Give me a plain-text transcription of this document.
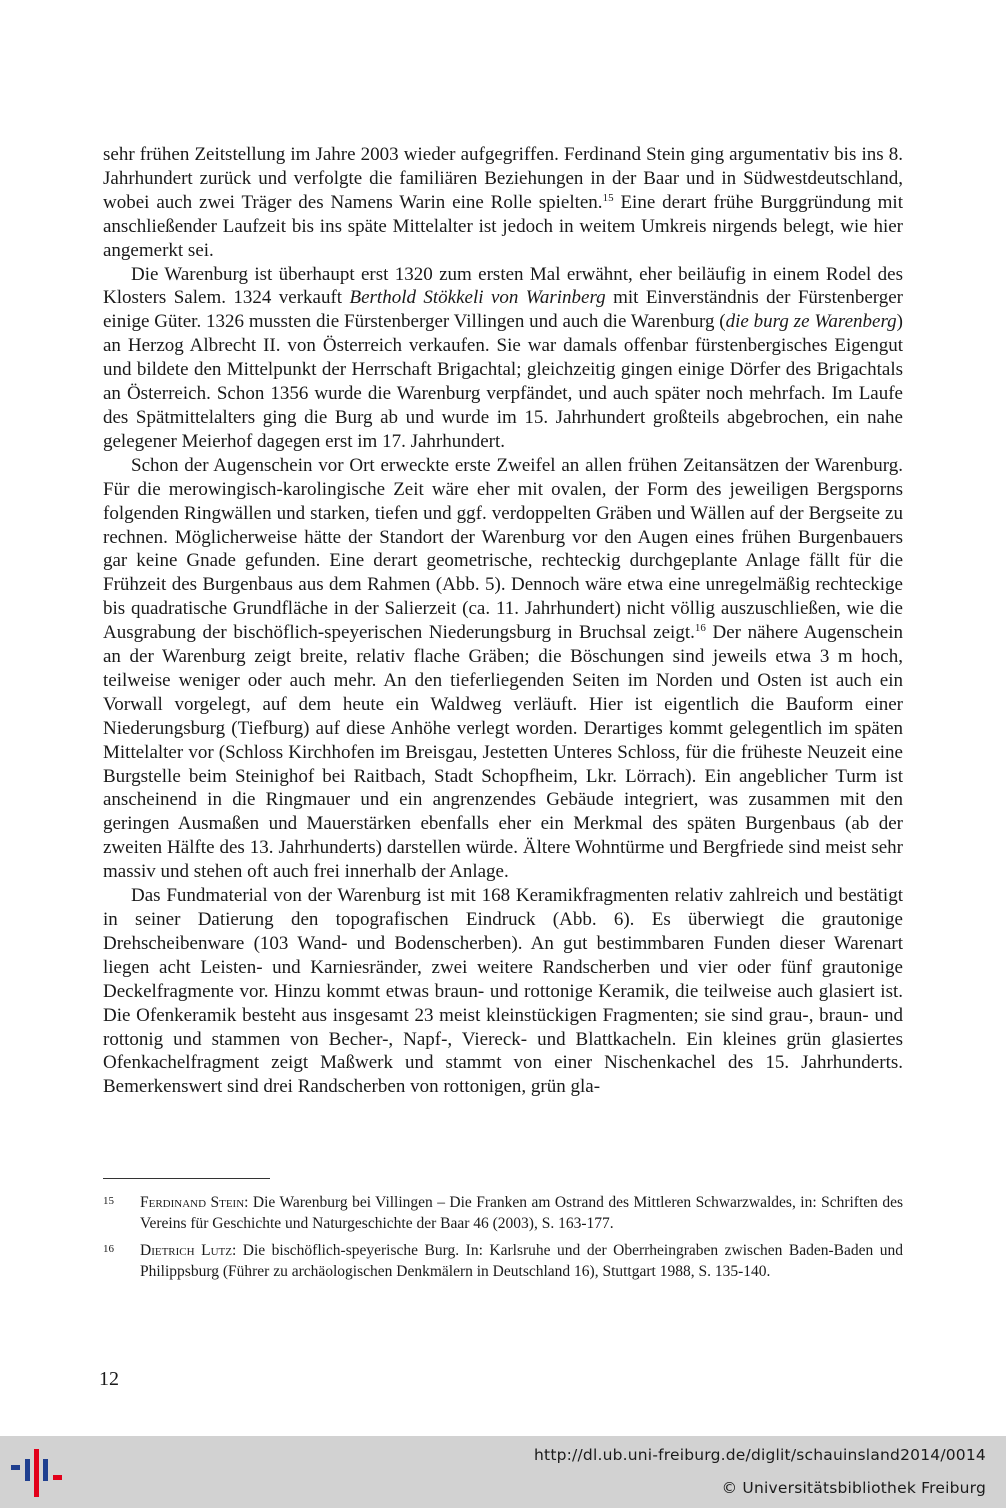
sehr frühen Zeitstellung im Jahre 2003 wieder aufgegriffen. Ferdinand Stein ging argumentativ bis ins 8. Jahrhundert zurück und verfolgte die familiären Beziehungen in der Baar und in Südwestdeutschland, wobei auch zwei Träger des Namens Warin eine Rolle spielten.$^{15}$ Eine derart frühe Burggründung mit anschließender Laufzeit bis ins späte Mittelalter ist jedoch in weitem Umkreis nirgends belegt, wie hier angemerkt sei.

Die Warenburg ist überhaupt erst 1320 zum ersten Mal erwähnt, eher beiläufig in einem Rodel des Klosters Salem. 1324 verkauft Berthold Stökkeli von Warinberg mit Einverständnis der Fürstenberger einige Güter. 1326 mussten die Fürstenberger Villingen und auch die Warenburg (die burg ze Warenberg) an Herzog Albrecht II. von Österreich verkaufen. Sie war damals offenbar fürstenbergisches Eigengut und bildete den Mittelpunkt der Herrschaft Brigachtal; gleichzeitig gingen einige Dörfer des Brigachtals an Österreich. Schon 1356 wurde die Warenburg verpfändet, und auch später noch mehrfach. Im Laufe des Spätmittelalters ging die Burg ab und wurde im 15. Jahrhundert großteils abgebrochen, ein nahe gelegener Meierhof dagegen erst im 17. Jahrhundert.

Schon der Augenschein vor Ort erweckte erste Zweifel an allen frühen Zeitansätzen der Warenburg. Für die merowingisch-karolingische Zeit wäre eher mit ovalen, der Form des jeweiligen Bergsporns folgenden Ringwällen und starken, tiefen und ggf. verdoppelten Gräben und Wällen auf der Bergseite zu rechnen. Möglicherweise hätte der Standort der Warenburg vor den Augen eines frühen Burgenbauers gar keine Gnade gefunden. Eine derart geometrische, rechteckig durchgeplante Anlage fällt für die Frühzeit des Burgenbaus aus dem Rahmen (Abb. 5). Dennoch wäre etwa eine unregelmäßig rechteckige bis quadratische Grundfläche in der Salierzeit (ca. 11. Jahrhundert) nicht völlig auszuschließen, wie die Ausgrabung der bischöflich-speyerischen Niederungsburg in Bruchsal zeigt.$^{16}$ Der nähere Augenschein an der Warenburg zeigt breite, relativ flache Gräben; die Böschungen sind jeweils etwa 3 m hoch, teilweise weniger oder auch mehr. An den tieferliegenden Seiten im Norden und Osten ist auch ein Vorwall vorgelegt, auf dem heute ein Waldweg verläuft. Hier ist eigentlich die Bauform einer Niederungsburg (Tiefburg) auf diese Anhöhe verlegt worden. Derartiges kommt gelegentlich im späten Mittelalter vor (Schloss Kirchhofen im Breisgau, Jestetten Unteres Schloss, für die früheste Neuzeit eine Burgstelle beim Steinighof bei Raitbach, Stadt Schopfheim, Lkr. Lörrach). Ein angeblicher Turm ist anscheinend in die Ringmauer und ein angrenzendes Gebäude integriert, was zusammen mit den geringen Ausmaßen und Mauerstärken ebenfalls eher ein Merkmal des späten Burgenbaus (ab der zweiten Hälfte des 13. Jahrhunderts) darstellen würde. Ältere Wohntürme und Bergfriede sind meist sehr massiv und stehen oft auch frei innerhalb der Anlage.

Das Fundmaterial von der Warenburg ist mit 168 Keramikfragmenten relativ zahlreich und bestätigt in seiner Datierung den topografischen Eindruck (Abb. 6). Es überwiegt die grautonige Drehscheibenware (103 Wand- und Bodenscherben). An gut bestimmbaren Funden dieser Warenart liegen acht Leisten- und Karniesränder, zwei weitere Randscherben und vier oder fünf grautonige Deckelfragmente vor. Hinzu kommt etwas braun- und rottonige Keramik, die teilweise auch glasiert ist. Die Ofenkeramik besteht aus insgesamt 23 meist kleinstückigen Fragmenten; sie sind grau-, braun- und rottonig und stammen von Becher-, Napf-, Viereck- und Blattkacheln. Ein kleines grün glasiertes Ofenkachelfragment zeigt Maßwerk und stammt von einer Nischenkachel des 15. Jahrhunderts. Bemerkenswert sind drei Randscherben von rottonigen, grün gla-

15	Ferdinand Stein: Die Warenburg bei Villingen – Die Franken am Ostrand des Mittleren Schwarzwaldes, in: Schriften des Vereins für Geschichte und Naturgeschichte der Baar 46 (2003), S. 163-177.
16	Dietrich Lutz: Die bischöflich-speyerische Burg. In: Karlsruhe und der Oberrheingraben zwischen Baden-Baden und Philippsburg (Führer zu archäologischen Denkmälern in Deutschland 16), Stuttgart 1988, S. 135-140.
12
http://dl.ub.uni-freiburg.de/diglit/schauinsland2014/0014
© Universitätsbibliothek Freiburg
